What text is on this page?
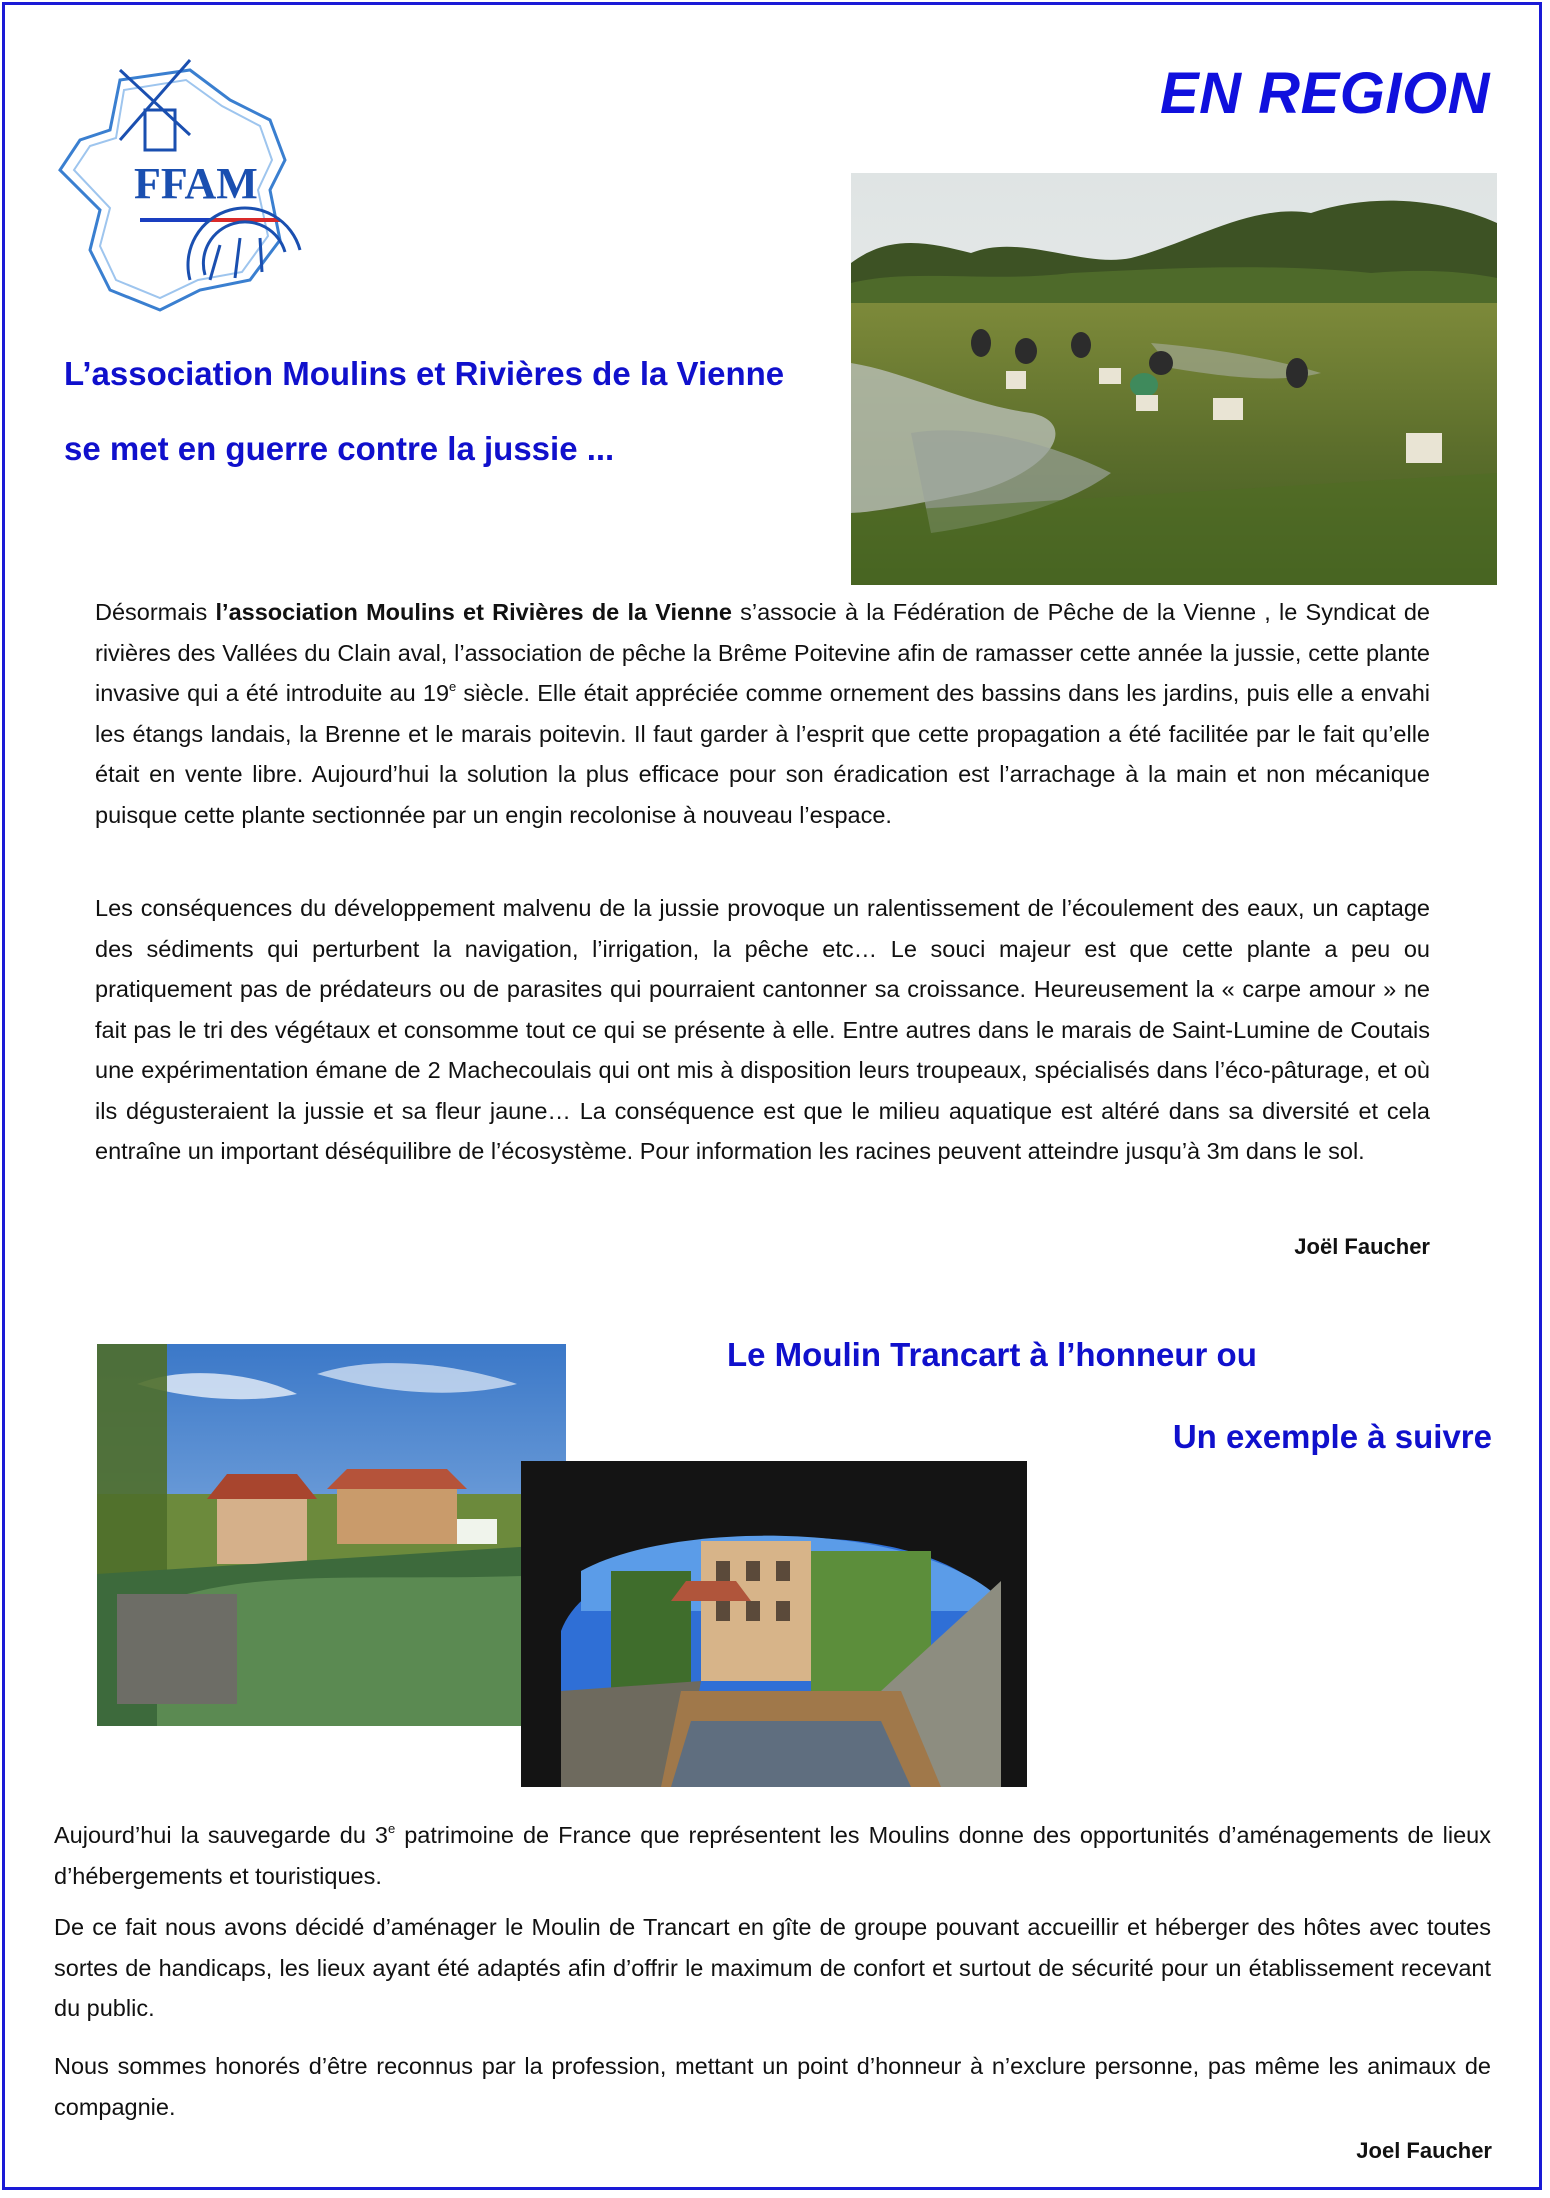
FFAM
EN REGION
L’association Moulins et Rivières de la Vienne
se met en guerre contre la jussie ...
Désormais l’association Moulins et Rivières de la Vienne s’associe à la Fédération de Pêche de la Vienne , le Syndicat de rivières des Vallées du Clain aval, l’association de pêche la Brême Poitevine afin de ramasser cette année la jussie, cette plante invasive qui a été introduite au 19e siècle. Elle était appréciée comme ornement des bassins dans les jardins, puis elle a envahi les étangs landais, la Brenne et le marais poitevin. Il faut garder à l’esprit que cette propagation a été facilitée par le fait qu’elle était en vente libre. Aujourd’hui la solution la plus efficace pour son éradication est l’arrachage à la main et non mécanique puisque cette plante sectionnée par un engin recolonise à nouveau l’espace.
Les conséquences du développement malvenu de la jussie provoque un ralentissement de l’écoulement des eaux, un captage des sédiments qui perturbent la navigation, l’irrigation, la pêche etc… Le souci majeur est que cette plante a peu ou pratiquement pas de prédateurs ou de parasites qui pourraient cantonner sa croissance. Heureusement la « carpe amour » ne fait pas le tri des végétaux et consomme tout ce qui se présente à elle. Entre autres dans le marais de Saint-Lumine de Coutais une expérimentation émane de 2 Machecoulais qui ont mis à disposition leurs troupeaux, spécialisés dans l’éco-pâturage, et où ils dégusteraient la jussie et sa fleur jaune… La conséquence est que le milieu aquatique est altéré dans sa diversité et cela entraîne un important déséquilibre de l’écosystème. Pour information les racines peuvent atteindre jusqu’à 3m dans le sol.
Joël Faucher
Le Moulin Trancart à l’honneur ou
Un exemple à suivre
Aujourd’hui la sauvegarde du 3e patrimoine de France que représentent les Moulins donne des opportunités d’aménagements de lieux d’hébergements et touristiques.
De ce fait nous avons décidé d’aménager le Moulin de Trancart en gîte de groupe pouvant accueillir et héberger des hôtes avec toutes sortes de handicaps, les lieux ayant été adaptés afin d’offrir le maximum de confort et surtout de sécurité pour un établissement recevant du public.
Nous sommes honorés d’être reconnus par la profession, mettant un point d’honneur à n’exclure personne, pas même les animaux de compagnie.
Joel Faucher
